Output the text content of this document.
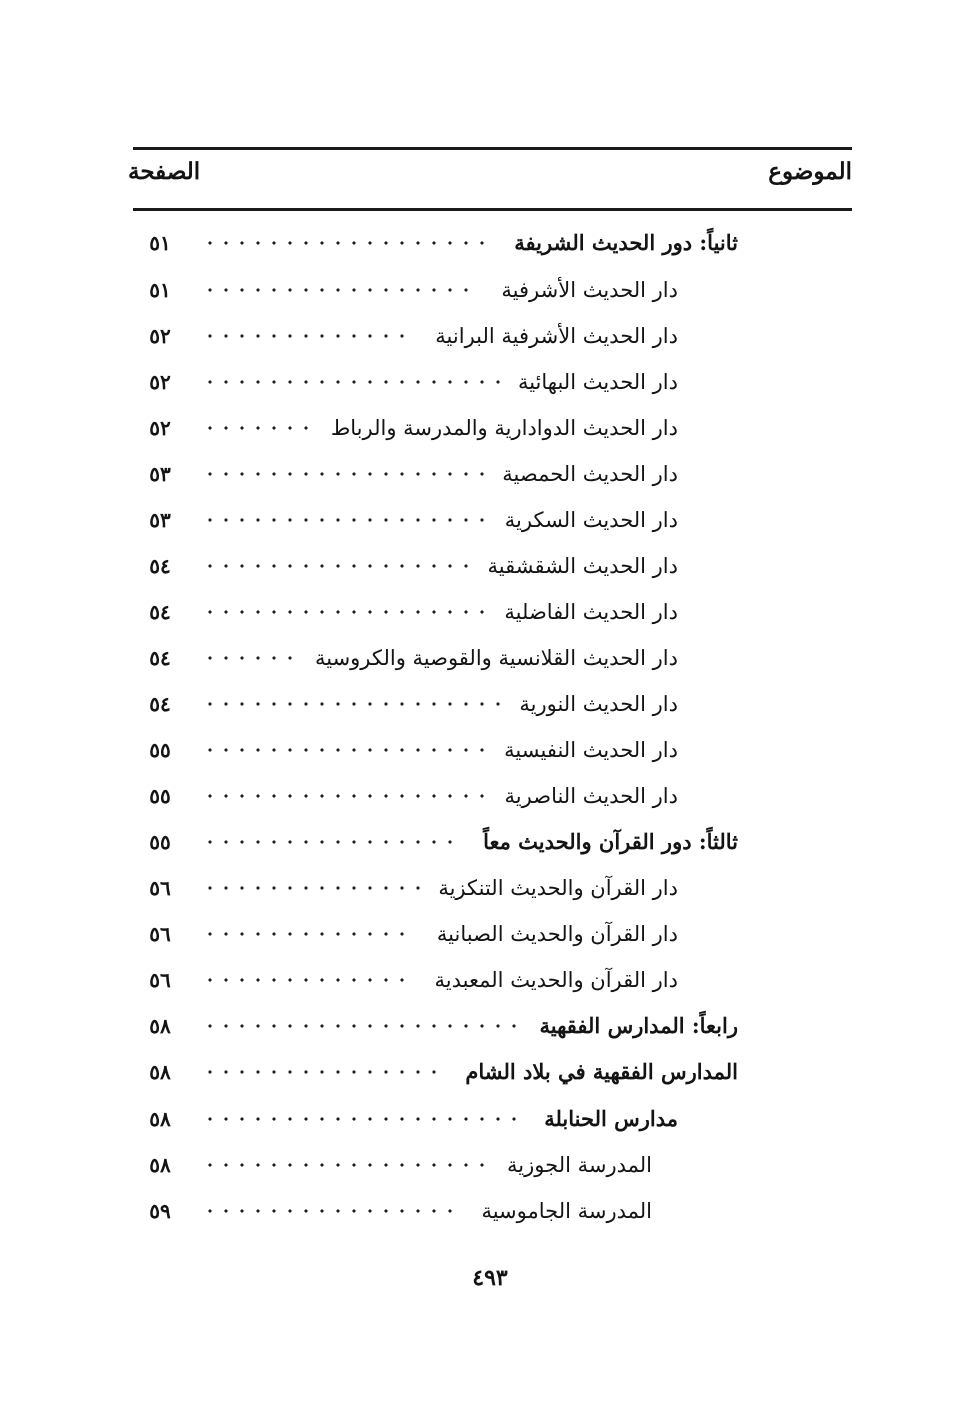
الصفحة	الموضوع
٥١	ثانياً: دور الحديث الشريفة
٥١	دار الحديث الأشرفية
٥٢	دار الحديث الأشرفية البرانية
٥٢	دار الحديث البهائية
٥٢	دار الحديث الدوادارية والمدرسة والرباط
٥٣	دار الحديث الحمصية
٥٣	دار الحديث السكرية
٥٤	دار الحديث الشقشقية
٥٤	دار الحديث الفاضلية
٥٤	دار الحديث القلانسية والقوصية والكروسية
٥٤	دار الحديث النورية
٥٥	دار الحديث النفيسية
٥٥	دار الحديث الناصرية
٥٥	ثالثاً: دور القرآن والحديث معاً
٥٦	دار القرآن والحديث التنكزية
٥٦	دار القرآن والحديث الصبانية
٥٦	دار القرآن والحديث المعبدية
٥٨	رابعاً: المدارس الفقهية
٥٨	المدارس الفقهية في بلاد الشام
٥٨	مدارس الحنابلة
٥٨	المدرسة الجوزية
٥٩	المدرسة الجاموسية
٤٩٣
